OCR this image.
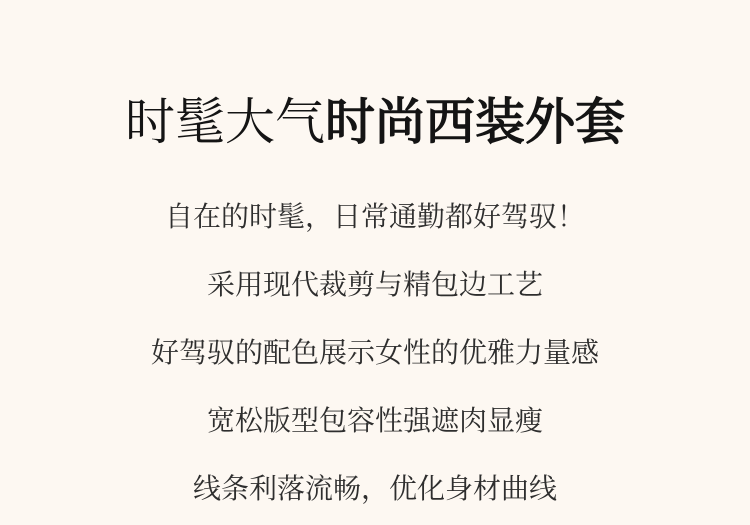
时髦大气时尚西装外套

自在的时髦，日常通勤都好驾驭！

采用现代裁剪与精包边工艺

好驾驭的配色展示女性的优雅力量感

宽松版型包容性强遮肉显瘦

线条利落流畅，优化身材曲线
